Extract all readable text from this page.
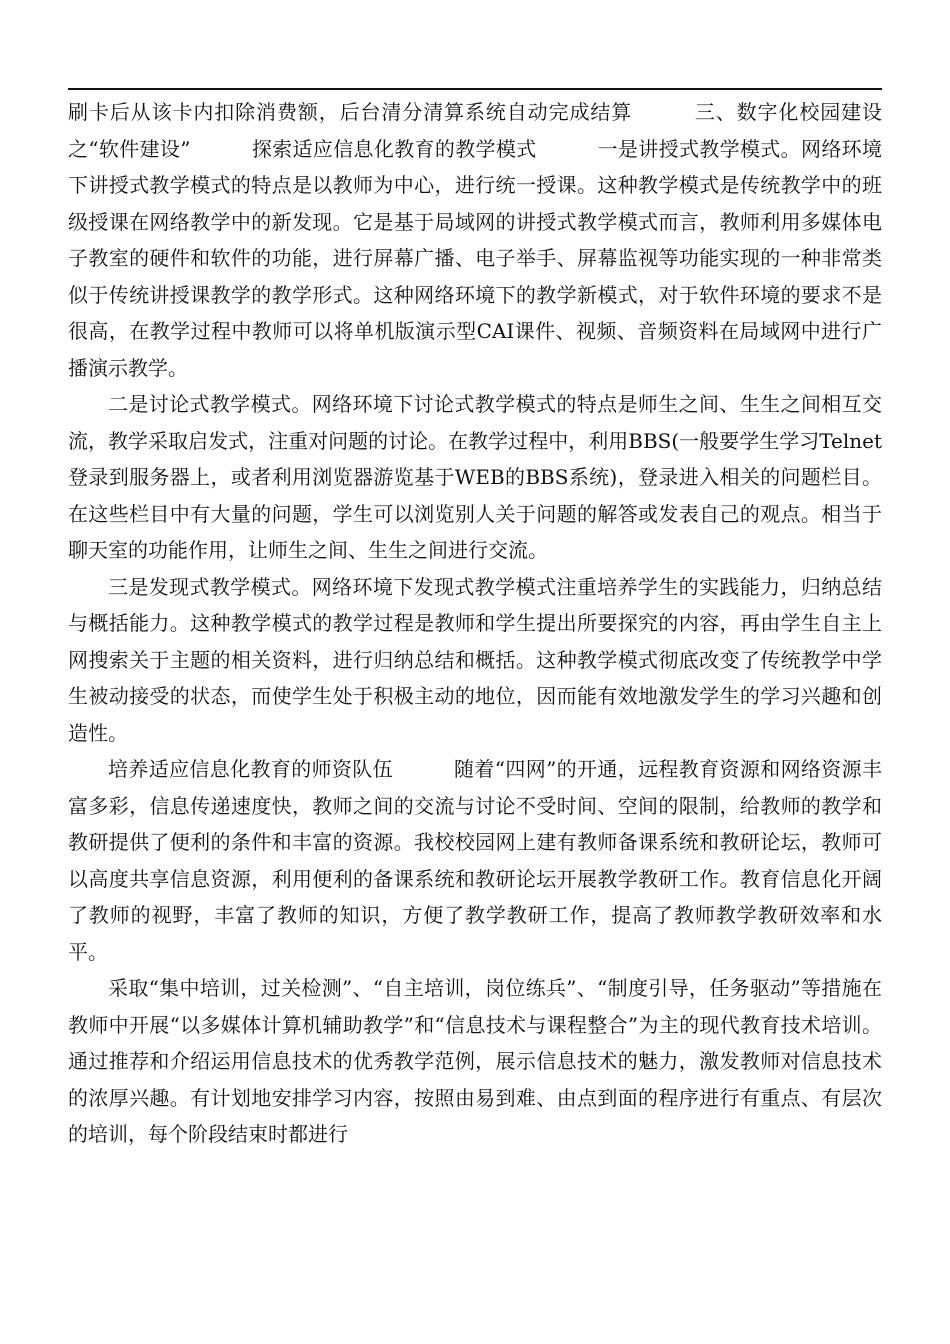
刷卡后从该卡内扣除消费额，后台清分清算系统自动完成结算　　　三、数字化校园建设之“软件建设”　　　探索适应信息化教育的教学模式　　　一是讲授式教学模式。网络环境下讲授式教学模式的特点是以教师为中心，进行统一授课。这种教学模式是传统教学中的班级授课在网络教学中的新发现。它是基于局域网的讲授式教学模式而言，教师利用多媒体电子教室的硬件和软件的功能，进行屏幕广播、电子举手、屏幕监视等功能实现的一种非常类似于传统讲授课教学的教学形式。这种网络环境下的教学新模式，对于软件环境的要求不是很高，在教学过程中教师可以将单机版演示型CAI课件、视频、音频资料在局域网中进行广播演示教学。

二是讨论式教学模式。网络环境下讨论式教学模式的特点是师生之间、生生之间相互交流，教学采取启发式，注重对问题的讨论。在教学过程中，利用BBS(一般要学生学习Telnet登录到服务器上，或者利用浏览器游览基于WEB的BBS系统)，登录进入相关的问题栏目。在这些栏目中有大量的问题，学生可以浏览别人关于问题的解答或发表自己的观点。相当于聊天室的功能作用，让师生之间、生生之间进行交流。

三是发现式教学模式。网络环境下发现式教学模式注重培养学生的实践能力，归纳总结与概括能力。这种教学模式的教学过程是教师和学生提出所要探究的内容，再由学生自主上网搜索关于主题的相关资料，进行归纳总结和概括。这种教学模式彻底改变了传统教学中学生被动接受的状态，而使学生处于积极主动的地位，因而能有效地激发学生的学习兴趣和创造性。

培养适应信息化教育的师资队伍　　　随着“四网”的开通，远程教育资源和网络资源丰富多彩，信息传递速度快，教师之间的交流与讨论不受时间、空间的限制，给教师的教学和教研提供了便利的条件和丰富的资源。我校校园网上建有教师备课系统和教研论坛，教师可以高度共享信息资源，利用便利的备课系统和教研论坛开展教学教研工作。教育信息化开阔了教师的视野，丰富了教师的知识，方便了教学教研工作，提高了教师教学教研效率和水平。

采取“集中培训，过关检测”、“自主培训，岗位练兵”、“制度引导，任务驱动”等措施在教师中开展“以多媒体计算机辅助教学”和“信息技术与课程整合”为主的现代教育技术培训。通过推荐和介绍运用信息技术的优秀教学范例，展示信息技术的魅力，激发教师对信息技术的浓厚兴趣。有计划地安排学习内容，按照由易到难、由点到面的程序进行有重点、有层次的培训，每个阶段结束时都进行
